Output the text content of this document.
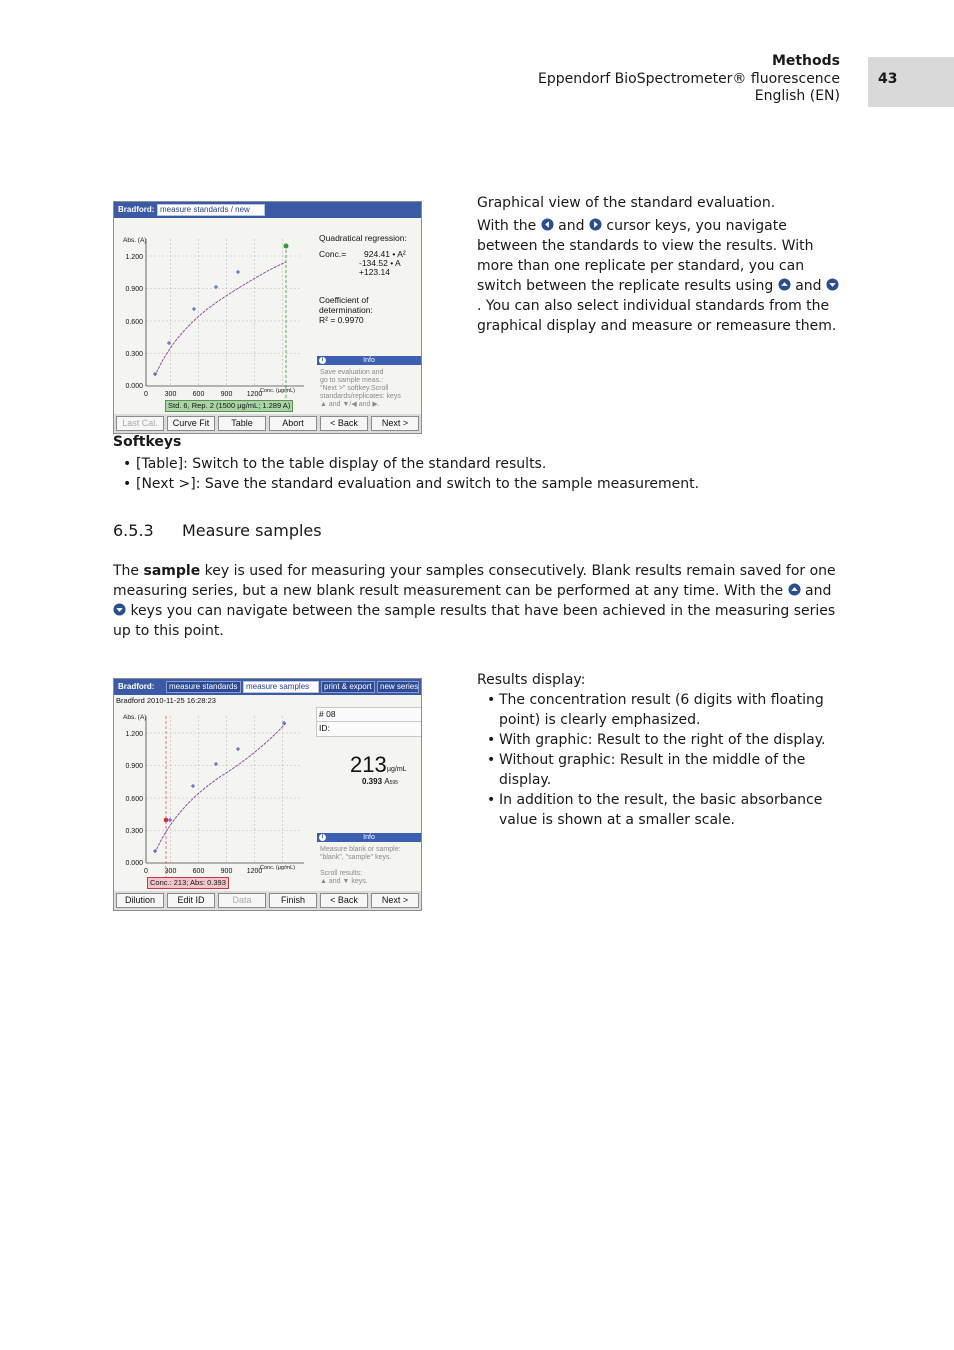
Methods
Eppendorf BioSpectrometer® fluorescence
English (EN)
43
Bradford: measure standards / new
Abs. (A)
1.200
0.900
0.600
0.300
0.000
0 300 600 900 1200
Conc. (µg/mL)
Quadratical regression:
Conc.= 924.41 • A²
-134.52 • A
+123.14
Coefficient of
determination:
R² = 0.9970
i	Info
Save evaluation and
go to sample meas.:
"Next >" softkey.Scroll
standards/replicates: keys
▲ and ▼/◀ and ▶.
Std. 6, Rep. 2 (1500 µg/mL; 1.289 A)
Last Cal.	Curve Fit	Table	Abort	< Back	Next >
Graphical view of the standard evaluation.
With the and cursor keys, you navigate between the standards to view the results. With more than one replicate per standard, you can switch between the replicate results using and . You can also select individual standards from the graphical display and measure or remeasure them.
Softkeys
• [Table]: Switch to the table display of the standard results.
• [Next >]: Save the standard evaluation and switch to the sample measurement.
6.5.3 Measure samples
The sample key is used for measuring your samples consecutively. Blank results remain saved for one measuring series, but a new blank result measurement can be performed at any time. With the and  keys you can navigate between the sample results that have been achieved in the measuring series up to this point.
Bradford:	measure standards	measure samples	print & export	new series
Bradford 2010-11-25 16:28:23
Abs. (A)
1.200
0.900
0.600
0.300
0.000
0 300 600 900 1200
Conc. (µg/mL)
# 08
ID:
213 µg/mL
0.393 A595
i	Info
Measure blank or sample:
"blank", "sample" keys.
Scroll results:
▲ and ▼ keys.
Conc.: 213; Abs: 0.393
Dilution	Edit ID	Data	Finish	< Back	Next >
Results display:
• The concentration result (6 digits with floating point) is clearly emphasized.
• With graphic: Result to the right of the display.
• Without graphic: Result in the middle of the display.
• In addition to the result, the basic absorbance value is shown at a smaller scale.
